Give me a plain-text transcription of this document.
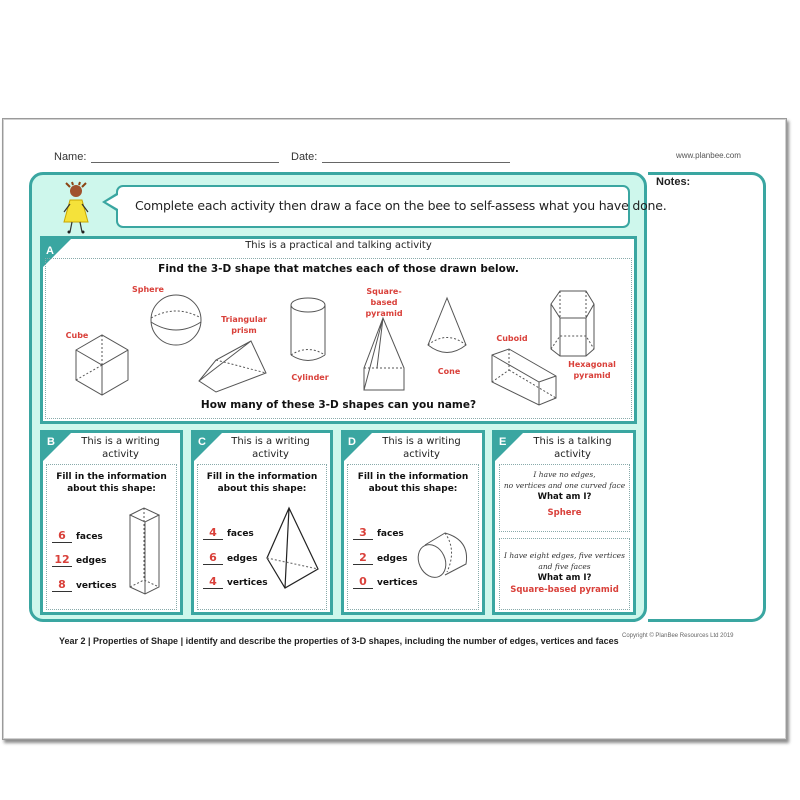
Name:	Date:	www.planbee.com
Notes:
Complete each activity then draw a face on the bee to self-assess what you have done.
A	This is a practical and talking activity
Find the 3-D shape that matches each of those drawn below.
How many of these 3-D shapes can you name?
Cube
Sphere
Triangular prism
Cylinder
Square-based pyramid
Cone
Cuboid
Hexagonal pyramid
B	This is a writing
activity
Fill in the information
about this shape:
6 faces
12 edges
8 vertices
C	This is a writing
activity
Fill in the information
about this shape:
4 faces
6 edges
4 vertices
D	This is a writing
activity
Fill in the information
about this shape:
3 faces
2 edges
0 vertices
E	This is a talking
activity
I have no edges,
no vertices and one curved face
What am I?
Sphere
I have eight edges, five vertices
and five faces
What am I?
Square-based pyramid
Year 2 | Properties of Shape | identify and describe the properties of 3-D shapes, including the number of edges, vertices and faces Copyright © PlanBee Resources Ltd 2019
